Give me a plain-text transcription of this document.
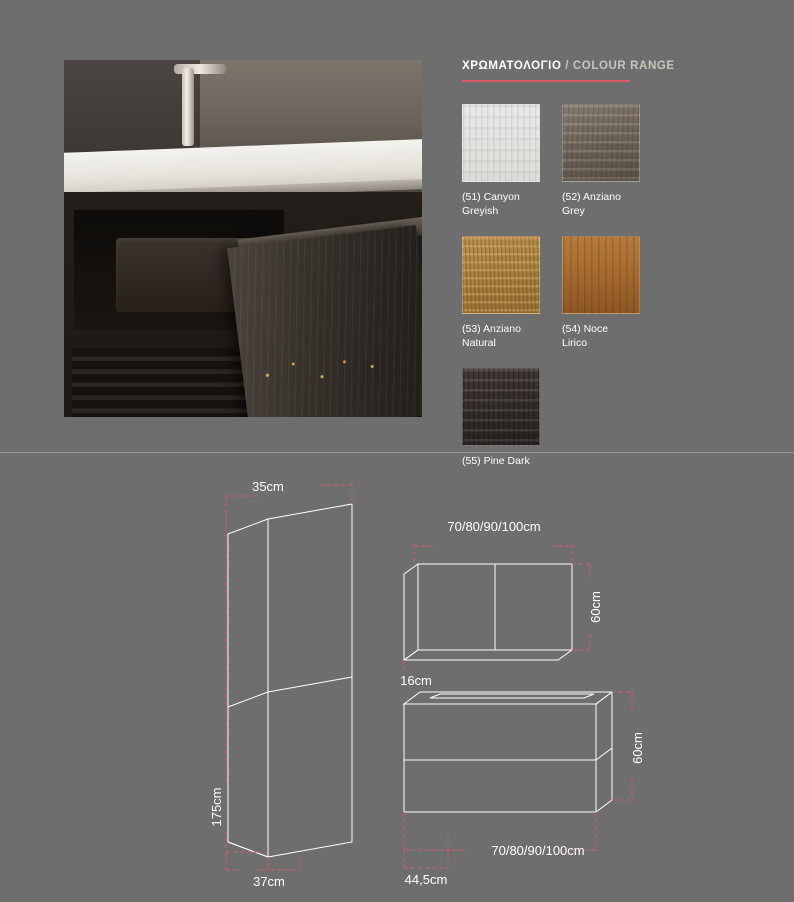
ΧΡΩΜΑΤΟΛΟΓΙΟ / COLOUR RANGE
(51) Canyon Greyish
(52) Anziano Grey
(53) Anziano Natural
(54) Noce Lirico
(55) Pine Dark
35cm
175cm
37cm
70/80/90/100cm
60cm
16cm
60cm
70/80/90/100cm
44,5cm
